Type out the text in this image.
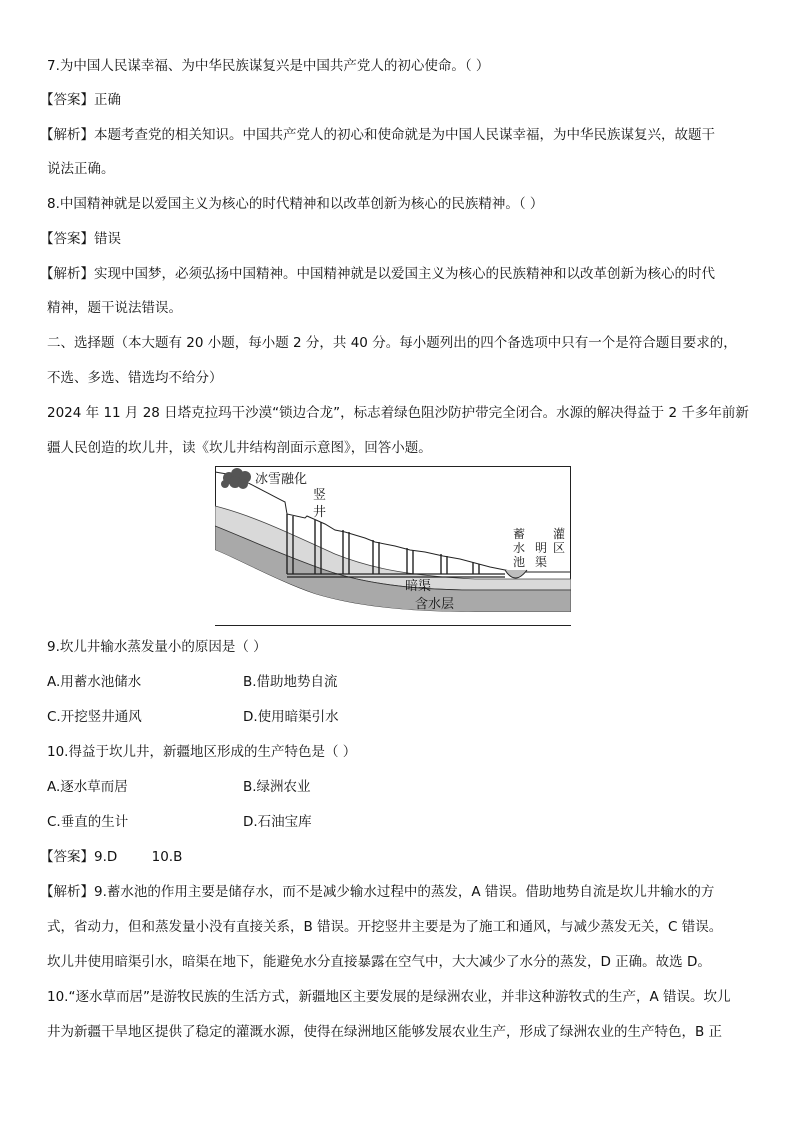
7.为中国人民谋幸福、为中华民族谋复兴是中国共产党人的初心使命。（ ）
【答案】正确
【解析】本题考查党的相关知识。中国共产党人的初心和使命就是为中国人民谋幸福，为中华民族谋复兴，故题干
说法正确。
8.中国精神就是以爱国主义为核心的时代精神和以改革创新为核心的民族精神。（ ）
【答案】错误
【解析】实现中国梦，必须弘扬中国精神。中国精神就是以爱国主义为核心的民族精神和以改革创新为核心的时代
精神，题干说法错误。
二、选择题（本大题有 20 小题，每小题 2 分，共 40 分。每小题列出的四个备选项中只有一个是符合题目要求的，
不选、多选、错选均不给分）
2024 年 11 月 28 日塔克拉玛干沙漠“锁边合龙”，标志着绿色阻沙防护带完全闭合。水源的解决得益于 2 千多年前新
疆人民创造的坎儿井，读《坎儿井结构剖面示意图》，回答小题。
冰雪融化
竖
井
蓄
水
池
明
渠
灌
区
暗渠
含水层
9.坎儿井输水蒸发量小的原因是（ ）
A.用蓄水池储水	B.借助地势自流
C.开挖竖井通风	D.使用暗渠引水
10.得益于坎儿井，新疆地区形成的生产特色是（ ）
A.逐水草而居	B.绿洲农业
C.垂直的生计	D.石油宝库
【答案】9.D        10.B
【解析】9.蓄水池的作用主要是储存水，而不是减少输水过程中的蒸发，A 错误。借助地势自流是坎儿井输水的方
式，省动力，但和蒸发量小没有直接关系，B 错误。开挖竖井主要是为了施工和通风，与减少蒸发无关，C 错误。
坎儿井使用暗渠引水，暗渠在地下，能避免水分直接暴露在空气中，大大减少了水分的蒸发，D 正确。故选 D。
10.“逐水草而居”是游牧民族的生活方式，新疆地区主要发展的是绿洲农业，并非这种游牧式的生产，A 错误。坎儿
井为新疆干旱地区提供了稳定的灌溉水源，使得在绿洲地区能够发展农业生产，形成了绿洲农业的生产特色，B 正
